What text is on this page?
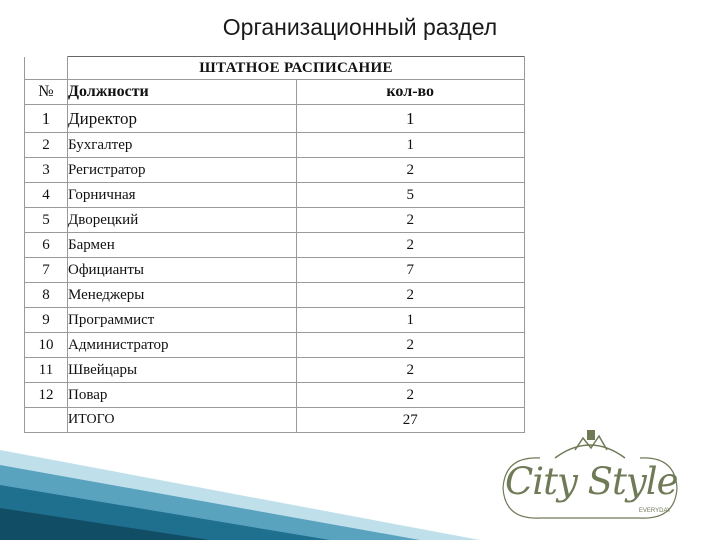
Организационный раздел
	ШТАТНОЕ РАСПИСАНИЕ	
№	Должности	кол-во
1	Директор	1
2	Бухгалтер	1
3	Регистратор	2
4	Горничная	5
5	Дворецкий	2
6	Бармен	2
7	Официанты	7
8	Менеджеры	2
9	Программист	1
10	Администратор	2
11	Швейцары	2
12	Повар	2
	ИТОГО	27
City Style
EVERYDAY
